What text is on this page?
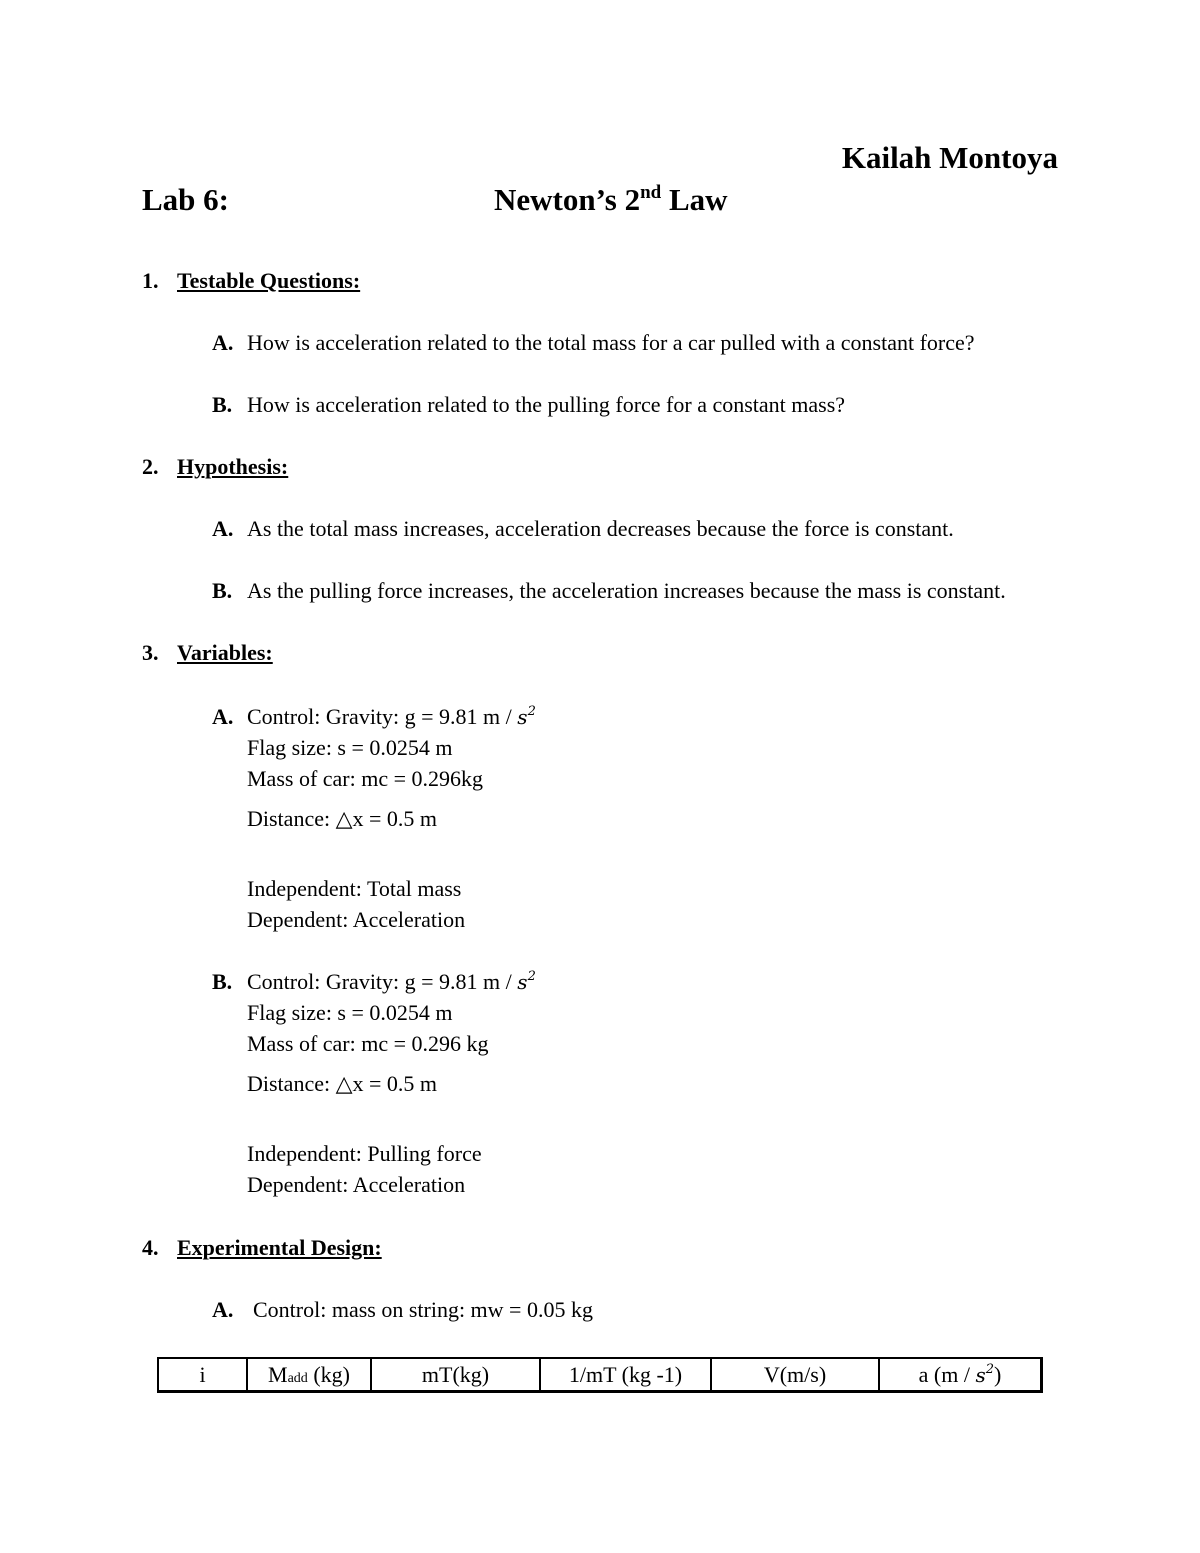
Kailah Montoya
Lab 6:	Newton’s 2nd Law
1. Testable Questions:
A. How is acceleration related to the total mass for a car pulled with a constant force?
B. How is acceleration related to the pulling force for a constant mass?
2. Hypothesis:
A. As the total mass increases, acceleration decreases because the force is constant.
B. As the pulling force increases, the acceleration increases because the mass is constant.
3. Variables:
A. Control: Gravity: g = 9.81 m / $s^2$
Flag size: s = 0.0254 m
Mass of car: mc = 0.296kg
Distance: △x = 0.5 m
Independent: Total mass
Dependent: Acceleration
B. Control: Gravity: g = 9.81 m / $s^2$
Flag size: s = 0.0254 m
Mass of car: mc = 0.296 kg
Distance: △x = 0.5 m
Independent: Pulling force
Dependent: Acceleration
4. Experimental Design:
A. Control: mass on string: mw = 0.05 kg
i	Madd (kg)	mT(kg)	1/mT (kg -1)	V(m/s)	a $(m / s^2)$
